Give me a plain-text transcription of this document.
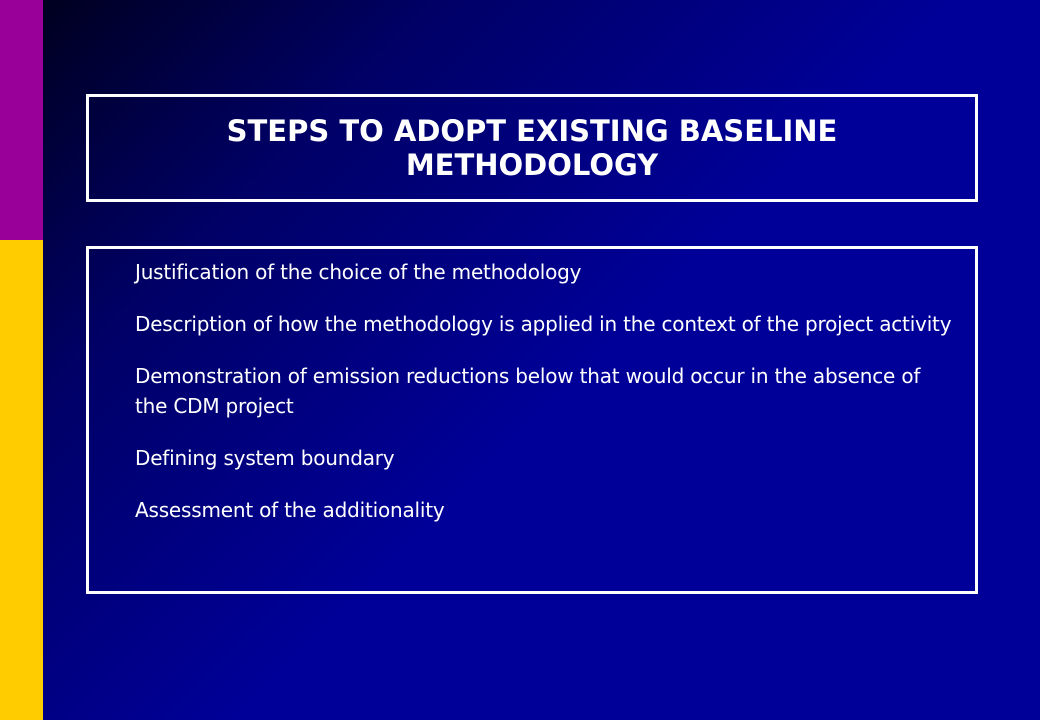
STEPS TO ADOPT EXISTING BASELINE METHODOLOGY
Justification of the choice of the methodology
Description of how the methodology is applied in the context of the project activity
Demonstration of emission reductions below that would occur in the absence of the CDM project
Defining system boundary
Assessment of the additionality
